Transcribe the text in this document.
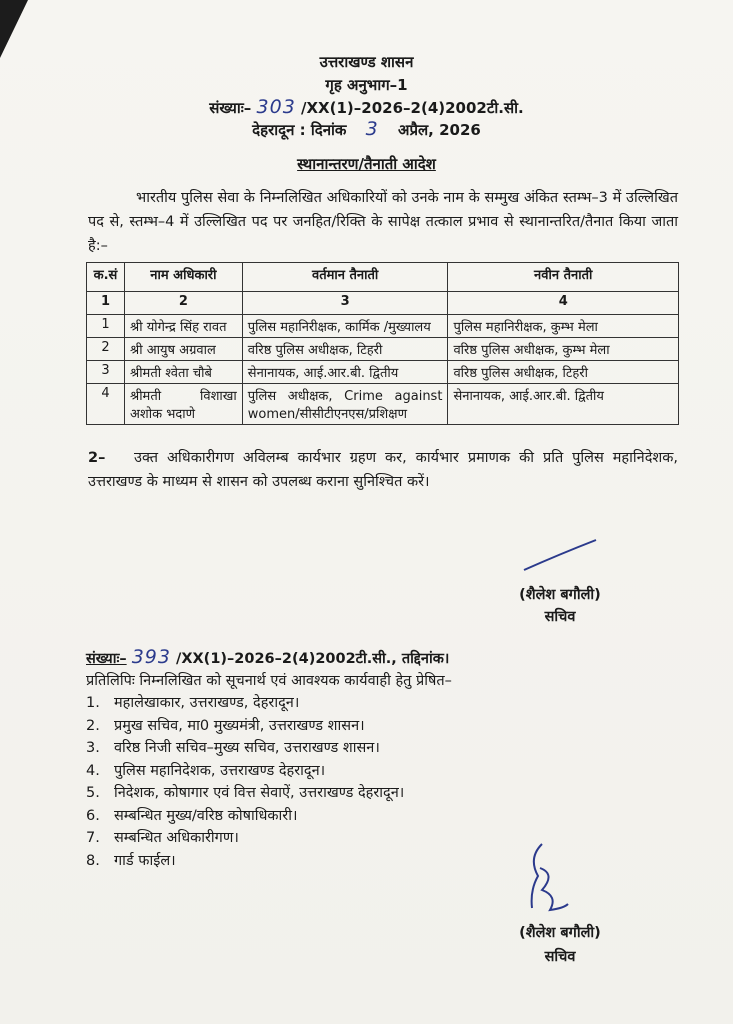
उत्तराखण्ड शासन
गृह अनुभाग–1
संख्याः– 303 /XX(1)–2026–2(4)2002टी.सी.
देहरादून : दिनांक 3 अप्रैल, 2026
स्थानान्तरण/तैनाती आदेश
भारतीय पुलिस सेवा के निम्नलिखित अधिकारियों को उनके नाम के सम्मुख अंकित स्तम्भ–3 में उल्लिखित पद से, स्तम्भ–4 में उल्लिखित पद पर जनहित/रिक्ति के सापेक्ष तत्काल प्रभाव से स्थानान्तरित/तैनात किया जाता है:–
क.सं	नाम अधिकारी	वर्तमान तैनाती	नवीन तैनाती
1	2	3	4
1	श्री योगेन्द्र सिंह रावत	पुलिस महानिरीक्षक, कार्मिक /मुख्यालय	पुलिस महानिरीक्षक, कुम्भ मेला
2	श्री आयुष अग्रवाल	वरिष्ठ पुलिस अधीक्षक, टिहरी	वरिष्ठ पुलिस अधीक्षक, कुम्भ मेला
3	श्रीमती श्वेता चौबे	सेनानायक, आई.आर.बी. द्वितीय	वरिष्ठ पुलिस अधीक्षक, टिहरी
4	श्रीमती विशाखा अशोक भदाणे	पुलिस अधीक्षक, Crime against women/सीसीटीएनएस/प्रशिक्षण	सेनानायक, आई.आर.बी. द्वितीय
2– उक्त अधिकारीगण अविलम्ब कार्यभार ग्रहण कर, कार्यभार प्रमाणक की प्रति पुलिस महानिदेशक, उत्तराखण्ड के माध्यम से शासन को उपलब्ध कराना सुनिश्चित करें।
(शैलेश बगौली)
सचिव
संख्याः– 393 /XX(1)–2026–2(4)2002टी.सी., तद्दिनांक।
प्रतिलिपिः निम्नलिखित को सूचनार्थ एवं आवश्यक कार्यवाही हेतु प्रेषित–
1. महालेखाकार, उत्तराखण्ड, देहरादून।
2. प्रमुख सचिव, मा0 मुख्यमंत्री, उत्तराखण्ड शासन।
3. वरिष्ठ निजी सचिव–मुख्य सचिव, उत्तराखण्ड शासन।
4. पुलिस महानिदेशक, उत्तराखण्ड देहरादून।
5. निदेशक, कोषागार एवं वित्त सेवाऐं, उत्तराखण्ड देहरादून।
6. सम्बन्धित मुख्य/वरिष्ठ कोषाधिकारी।
7. सम्बन्धित अधिकारीगण।
8. गार्ड फाईल।
(शैलेश बगौली)
सचिव
